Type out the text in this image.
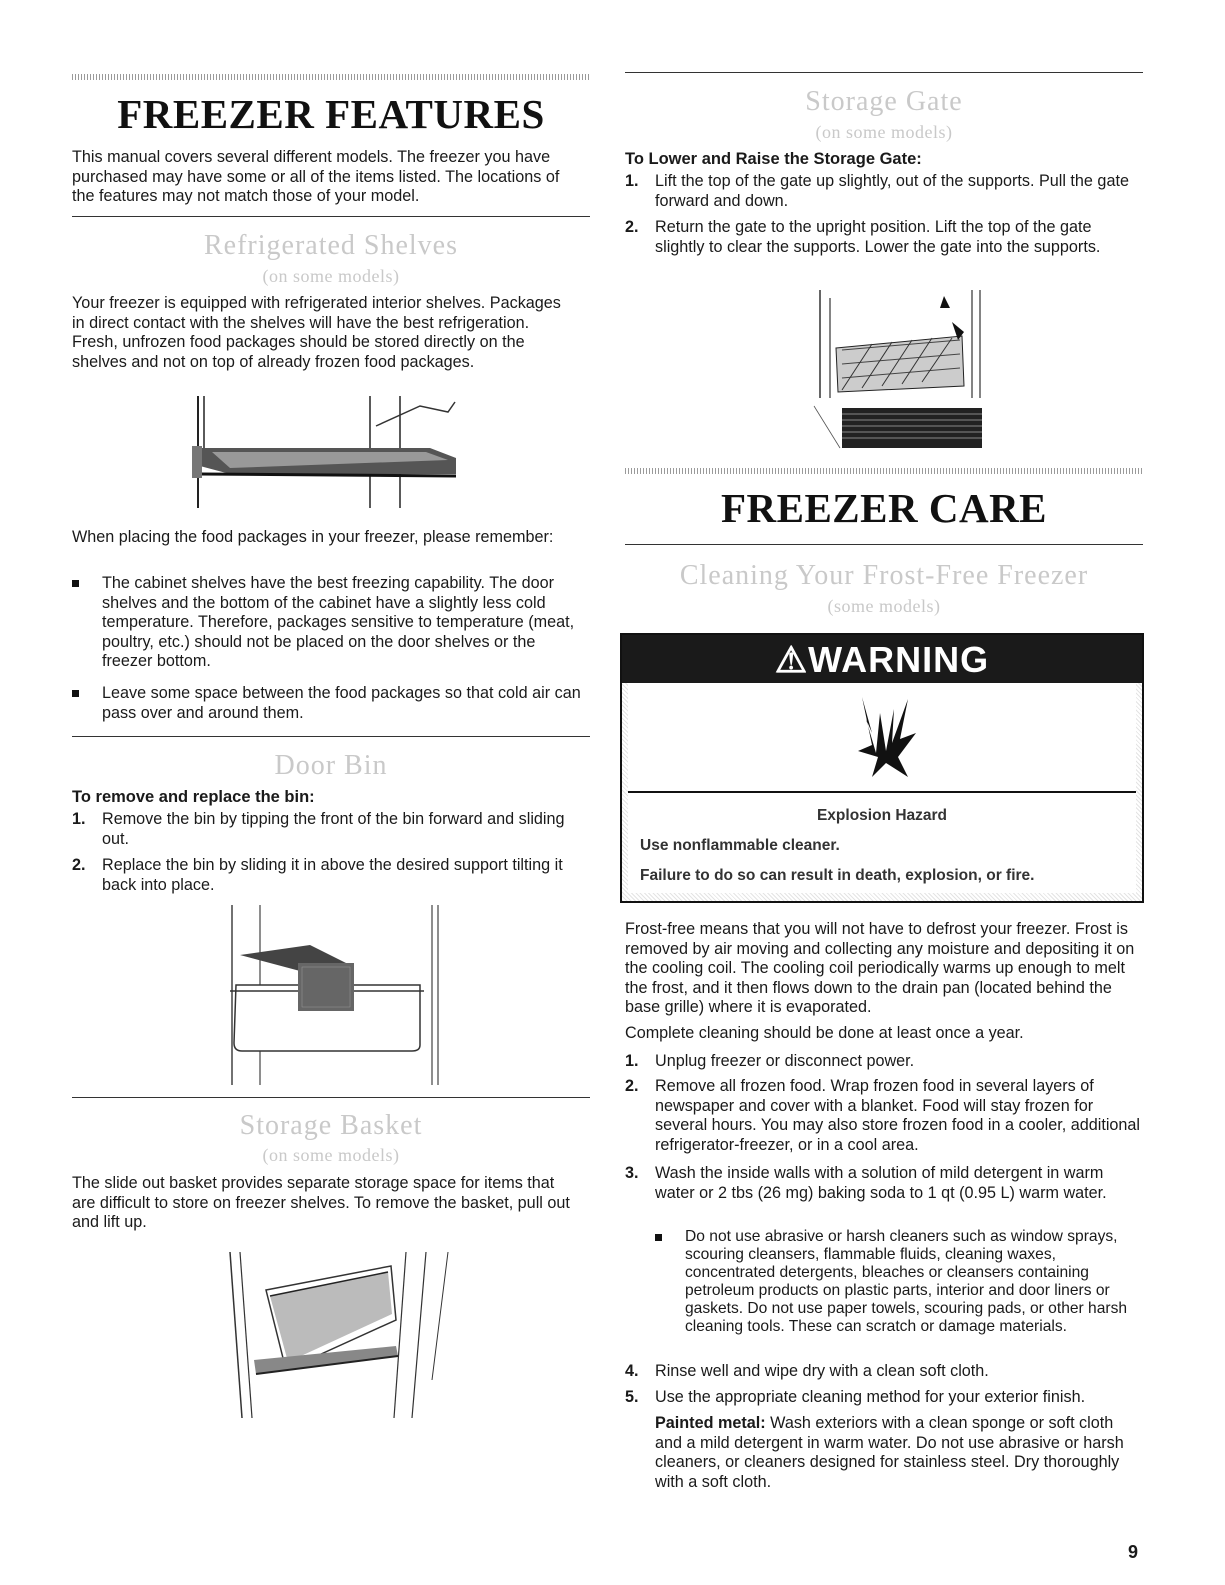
FREEZER FEATURES

This manual covers several different models. The freezer you have purchased may have some or all of the items listed. The locations of the features may not match those of your model.

Refrigerated Shelves
(on some models)

Your freezer is equipped with refrigerated interior shelves. Packages in direct contact with the shelves will have the best refrigeration. Fresh, unfrozen food packages should be stored directly on the shelves and not on top of already frozen food packages.

When placing the food packages in your freezer, please remember:

The cabinet shelves have the best freezing capability. The door shelves and the bottom of the cabinet have a slightly less cold temperature. Therefore, packages sensitive to temperature (meat, poultry, etc.) should not be placed on the door shelves or the freezer bottom.
Leave some space between the food packages so that cold air can pass over and around them.
Door Bin
To remove and replace the bin:
1.	Remove the bin by tipping the front of the bin forward and sliding out.
2.	Replace the bin by sliding it in above the desired support tilting it back into place.
Storage Basket
(on some models)

The slide out basket provides separate storage space for items that are difficult to store on freezer shelves. To remove the basket, pull out and lift up.

Storage Gate
(on some models)
To Lower and Raise the Storage Gate:
1.	Lift the top of the gate up slightly, out of the supports. Pull the gate forward and down.
2.	Return the gate to the upright position. Lift the top of the gate slightly to clear the supports. Lower the gate into the supports.
FREEZER CARE
Cleaning Your Frost-Free Freezer
(some models)
⚠WARNING
Explosion Hazard
Use nonflammable cleaner.
Failure to do so can result in death, explosion, or fire.

Frost-free means that you will not have to defrost your freezer. Frost is removed by air moving and collecting any moisture and depositing it on the cooling coil. The cooling coil periodically warms up enough to melt the frost, and it then flows down to the drain pan (located behind the base grille) where it is evaporated.

Complete cleaning should be done at least once a year.

1.	Unplug freezer or disconnect power.
2.	Remove all frozen food. Wrap frozen food in several layers of newspaper and cover with a blanket. Food will stay frozen for several hours. You may also store frozen food in a cooler, additional refrigerator-freezer, or in a cool area.
3.	Wash the inside walls with a solution of mild detergent in warm water or 2 tbs (26 mg) baking soda to 1 qt (0.95 L) warm water.
Do not use abrasive or harsh cleaners such as window sprays, scouring cleansers, flammable fluids, cleaning waxes, concentrated detergents, bleaches or cleansers containing petroleum products on plastic parts, interior and door liners or gaskets. Do not use paper towels, scouring pads, or other harsh cleaning tools. These can scratch or damage materials.
4.	Rinse well and wipe dry with a clean soft cloth.
5.	Use the appropriate cleaning method for your exterior finish.

Painted metal: Wash exteriors with a clean sponge or soft cloth and a mild detergent in warm water. Do not use abrasive or harsh cleaners, or cleaners designed for stainless steel. Dry thoroughly with a soft cloth.

9
